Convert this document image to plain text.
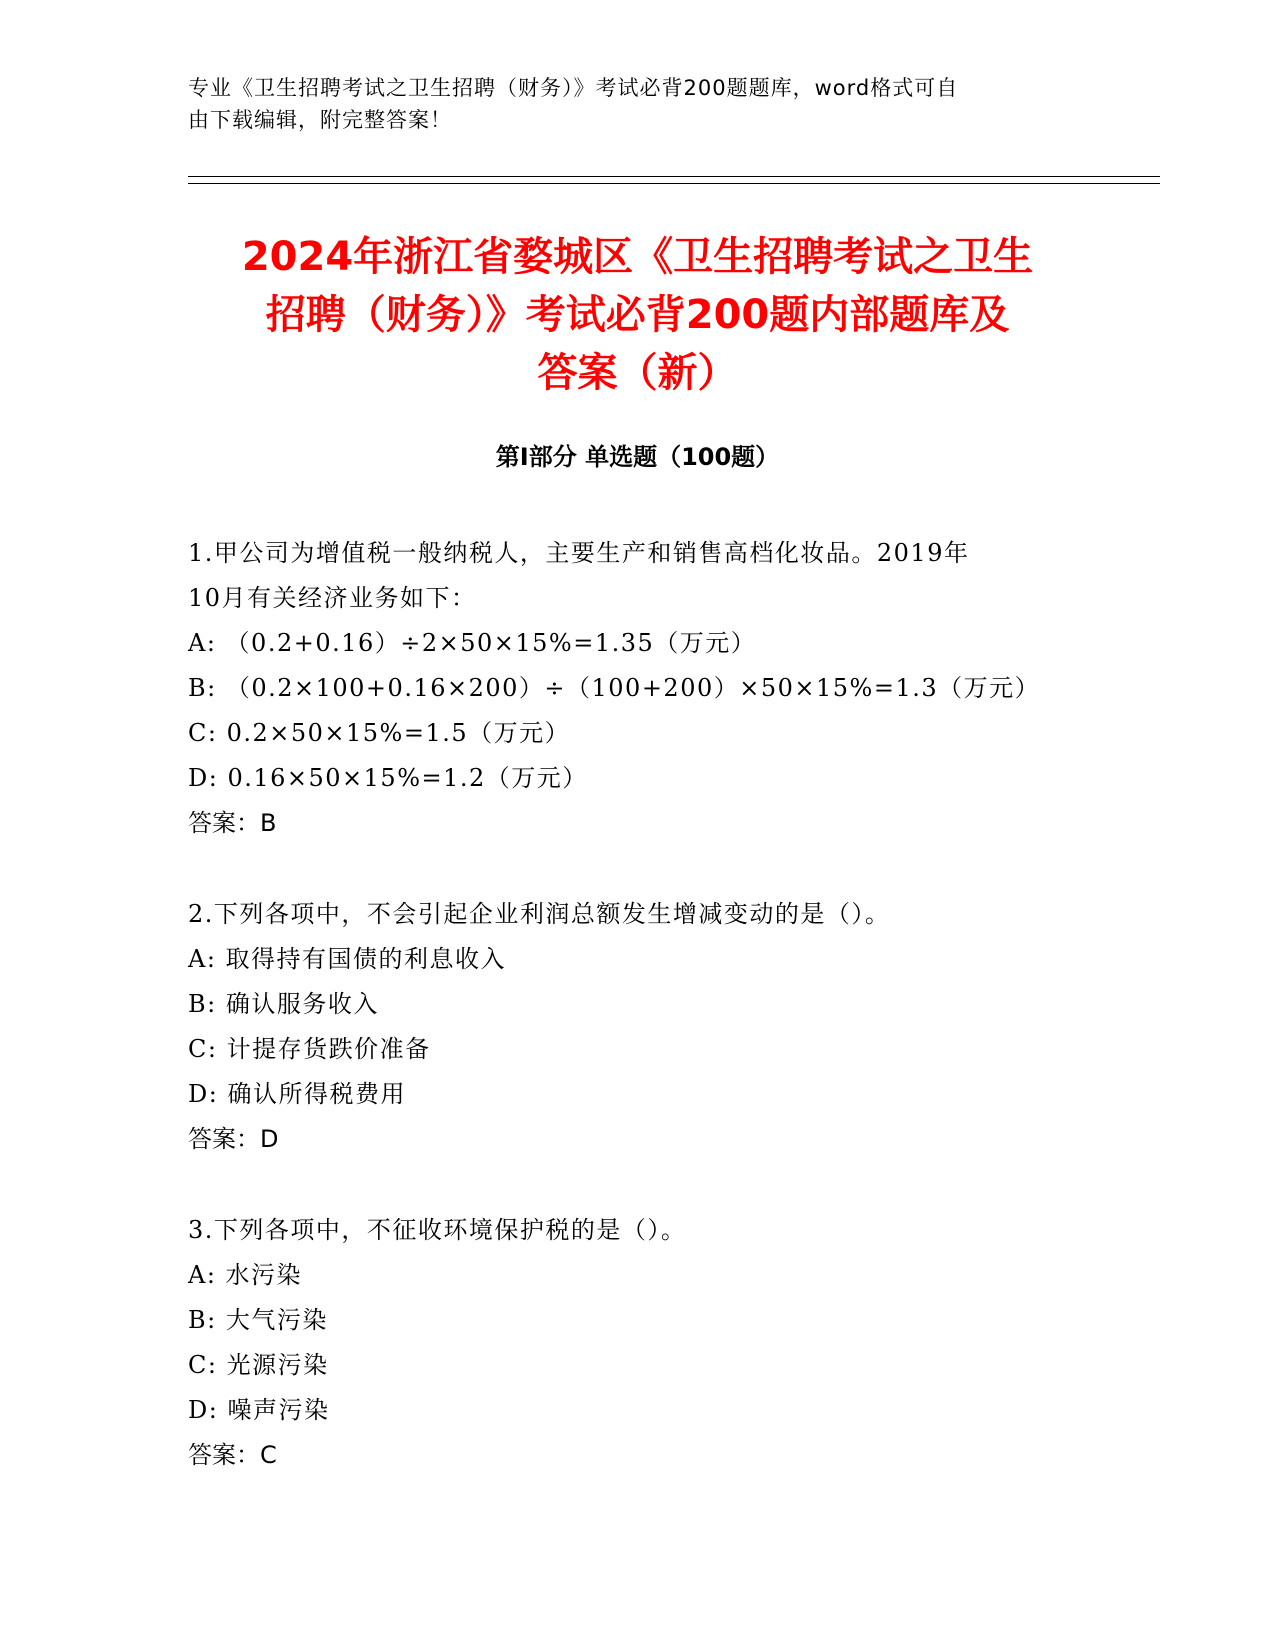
专业《卫生招聘考试之卫生招聘（财务）》考试必背200题题库，word格式可自
由下载编辑，附完整答案！
2024年浙江省婺城区《卫生招聘考试之卫生
招聘（财务）》考试必背200题内部题库及
答案（新）
第Ⅰ部分 单选题（100题）
1.甲公司为增值税一般纳税人，主要生产和销售高档化妆品。2019年
10月有关经济业务如下：
A: （0.2+0.16）÷2×50×15%=1.35（万元）
B: （0.2×100+0.16×200）÷（100+200）×50×15%=1.3（万元）
C: 0.2×50×15%=1.5（万元）
D: 0.16×50×15%=1.2（万元）
答案：B
2.下列各项中，不会引起企业利润总额发生增减变动的是（）。
A: 取得持有国债的利息收入
B: 确认服务收入
C: 计提存货跌价准备
D: 确认所得税费用
答案：D
3.下列各项中，不征收环境保护税的是（）。
A: 水污染
B: 大气污染
C: 光源污染
D: 噪声污染
答案：C
